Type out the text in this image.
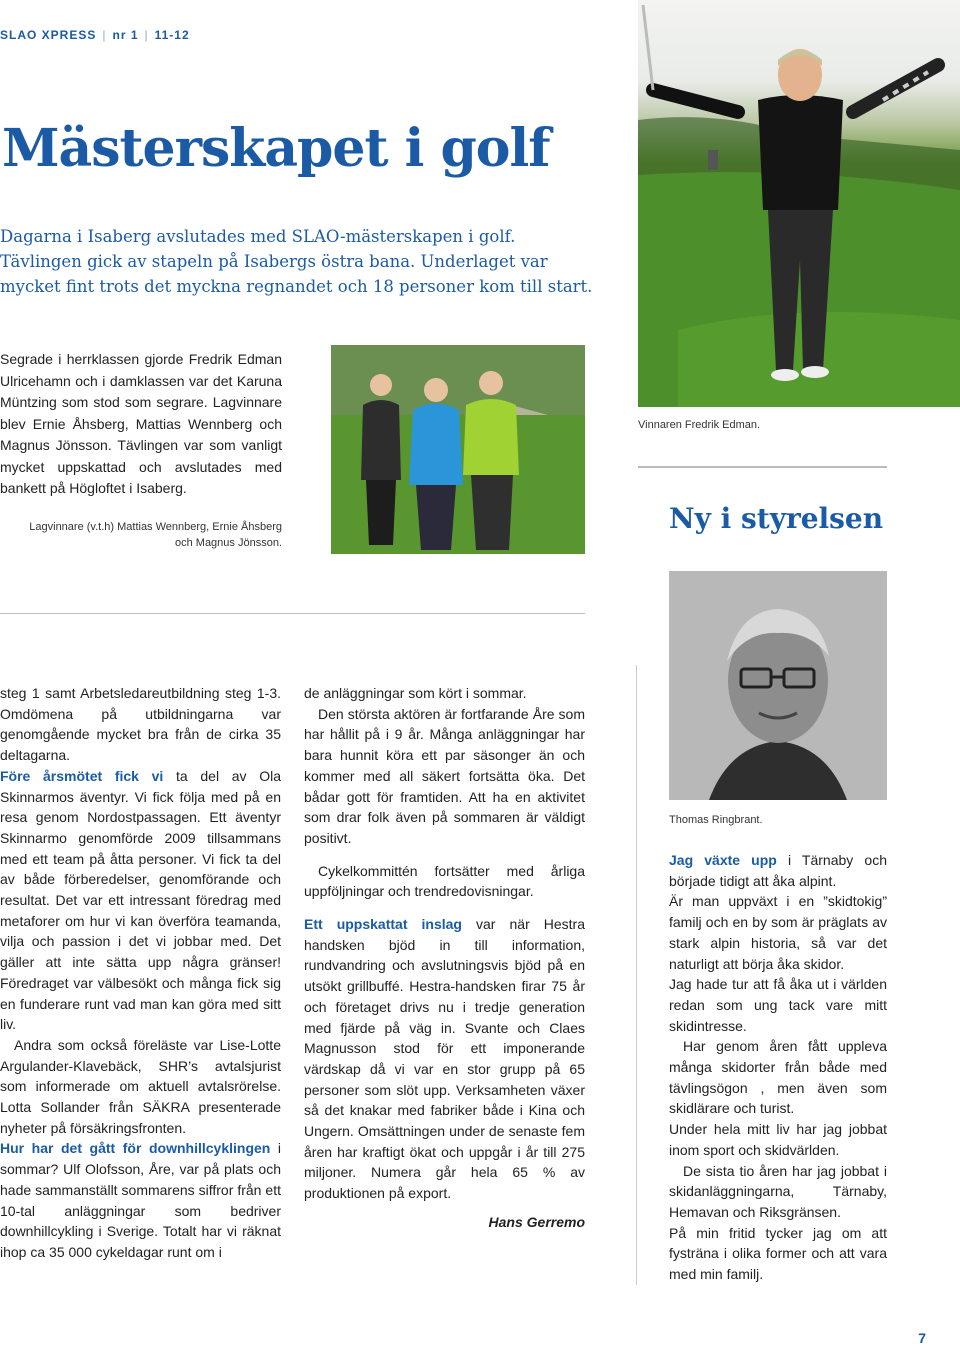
SLAO XPRESS | nr 1 | 11-12
Mästerskapet i golf

Dagarna i Isaberg avslutades med SLAO-mästerskapen i golf. Tävlingen gick av stapeln på Isabergs östra bana. Underlaget var mycket fint trots det myckna regnandet och 18 personer kom till start.

Segrade i herrklassen gjorde Fredrik Edman Ulricehamn och i damklassen var det Karuna Müntzing som stod som segrare. Lagvinnare blev Ernie Åhsberg, Mattias Wennberg och Magnus Jönsson. Tävlingen var som vanligt mycket uppskattad och avslutades med bankett på Högloftet i Isaberg.

Lagvinnare (v.t.h) Mattias Wennberg, Ernie Åhsberg
och Magnus Jönsson.
Vinnaren Fredrik Edman.
Ny i styrelsen
Thomas Ringbrant.

steg 1 samt Arbetsledareutbildning steg 1-3. Omdömena på utbildningarna var genomgående mycket bra från de cirka 35 deltagarna.

Före årsmötet fick vi ta del av Ola Skinnarmos äventyr. Vi fick följa med på en resa genom Nordostpassagen. Ett äventyr Skinnarmo genomförde 2009 tillsammans med ett team på åtta personer. Vi fick ta del av både förberedelser, genomförande och resultat. Det var ett intressant föredrag med metaforer om hur vi kan överföra teamanda, vilja och passion i det vi jobbar med. Det gäller att inte sätta upp några gränser! Föredraget var välbesökt och många fick sig en funderare runt vad man kan göra med sitt liv.

Andra som också föreläste var Lise-Lotte Argulander-Klavebäck, SHR’s avtalsjurist som informerade om aktuell avtalsrörelse. Lotta Sollander från SÄKRA presenterade nyheter på försäkringsfronten.

Hur har det gått för downhillcyklingen i sommar? Ulf Olofsson, Åre, var på plats och hade sammanställt sommarens siffror från ett 10-tal anläggningar som bedriver downhillcykling i Sverige. Totalt har vi räknat ihop ca 35 000 cykeldagar runt om i

de anläggningar som kört i sommar.

Den största aktören är fortfarande Åre som har hållit på i 9 år. Många anläggningar har bara hunnit köra ett par säsonger än och kommer med all säkert fortsätta öka. Det bådar gott för framtiden. Att ha en aktivitet som drar folk även på sommaren är väldigt positivt.

Cykelkommittén fortsätter med årliga uppföljningar och trendredovisningar.

Ett uppskattat inslag var när Hestra handsken bjöd in till information, rundvandring och avslutningsvis bjöd på en utsökt grillbuffé. Hestra-handsken firar 75 år och företaget drivs nu i tredje generation med fjärde på väg in. Svante och Claes Magnusson stod för ett imponerande värdskap då vi var en stor grupp på 65 personer som slöt upp. Verksamheten växer så det knakar med fabriker både i Kina och Ungern. Omsättningen under de senaste fem åren har kraftigt ökat och uppgår i år till 275 miljoner. Numera går hela 65 % av produktionen på export.

Hans Gerremo

Jag växte upp i Tärnaby och började tidigt att åka alpint.

Är man uppväxt i en ”skidtokig” familj och en by som är präglats av stark alpin historia, så var det naturligt att börja åka skidor.

Jag hade tur att få åka ut i världen redan som ung tack vare mitt skidintresse.

Har genom åren fått uppleva många skidorter från både med tävlingsögon , men även som skidlärare och turist.

Under hela mitt liv har jag jobbat inom sport och skidvärlden.

De sista tio åren har jag jobbat i skidanläggningarna, Tärnaby, Hemavan och Riksgränsen.

På min fritid tycker jag om att fysträna i olika former och att vara med min familj.

7
